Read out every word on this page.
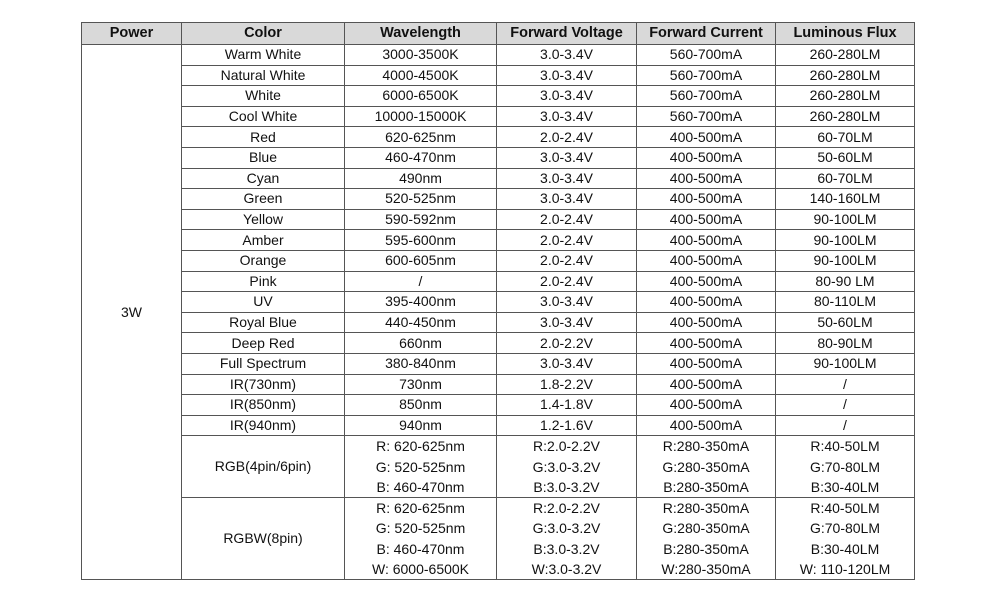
Power	Color	Wavelength	Forward Voltage	Forward Current	Luminous Flux
3W	Warm White	3000-3500K	3.0-3.4V	560-700mA	260-280LM
	Natural White	4000-4500K	3.0-3.4V	560-700mA	260-280LM
	White	6000-6500K	3.0-3.4V	560-700mA	260-280LM
	Cool White	10000-15000K	3.0-3.4V	560-700mA	260-280LM
	Red	620-625nm	2.0-2.4V	400-500mA	60-70LM
	Blue	460-470nm	3.0-3.4V	400-500mA	50-60LM
	Cyan	490nm	3.0-3.4V	400-500mA	60-70LM
	Green	520-525nm	3.0-3.4V	400-500mA	140-160LM
	Yellow	590-592nm	2.0-2.4V	400-500mA	90-100LM
	Amber	595-600nm	2.0-2.4V	400-500mA	90-100LM
	Orange	600-605nm	2.0-2.4V	400-500mA	90-100LM
	Pink	/	2.0-2.4V	400-500mA	80-90 LM
	UV	395-400nm	3.0-3.4V	400-500mA	80-110LM
	Royal Blue	440-450nm	3.0-3.4V	400-500mA	50-60LM
	Deep Red	660nm	2.0-2.2V	400-500mA	80-90LM
	Full Spectrum	380-840nm	3.0-3.4V	400-500mA	90-100LM
	IR(730nm)	730nm	1.8-2.2V	400-500mA	/
	IR(850nm)	850nm	1.4-1.8V	400-500mA	/
	IR(940nm)	940nm	1.2-1.6V	400-500mA	/
	RGB(4pin/6pin)	R: 620-625nm
G: 520-525nm
B: 460-470nm	R:2.0-2.2V
G:3.0-3.2V
B:3.0-3.2V	R:280-350mA
G:280-350mA
B:280-350mA	R:40-50LM
G:70-80LM
B:30-40LM

	RGBW(8pin)	R: 620-625nm
G: 520-525nm
B: 460-470nm
W: 6000-6500K	R:2.0-2.2V
G:3.0-3.2V
B:3.0-3.2V
W:3.0-3.2V	R:280-350mA
G:280-350mA
B:280-350mA
W:280-350mA	R:40-50LM
G:70-80LM
B:30-40LM
W: 110-120LM
